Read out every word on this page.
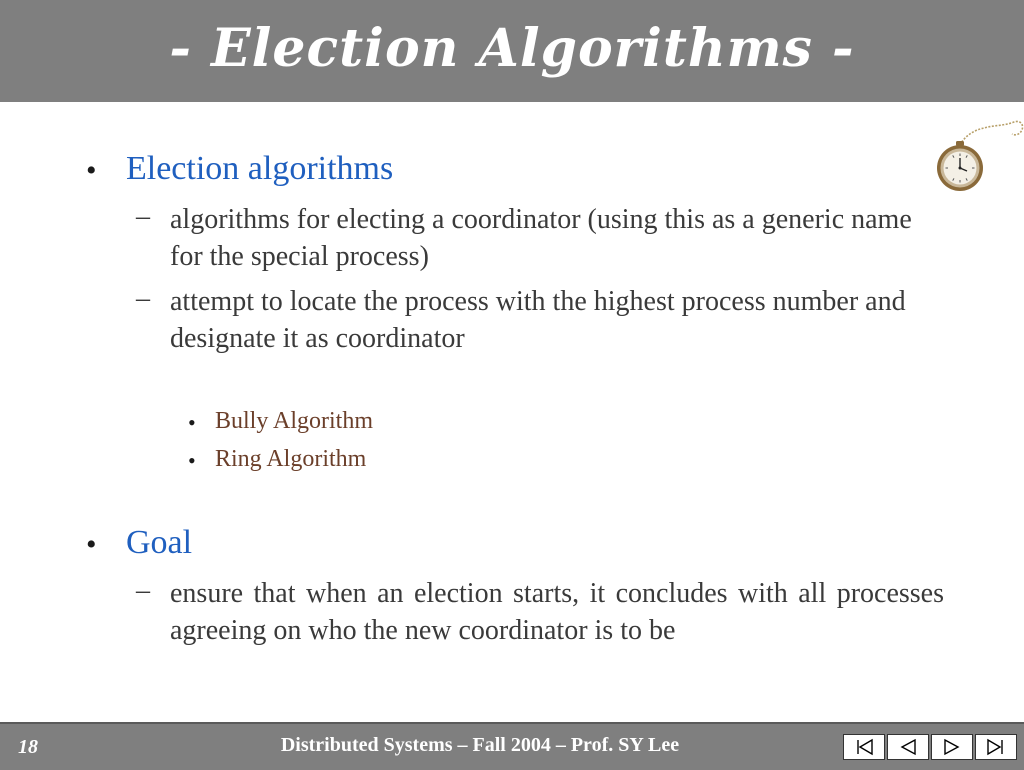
- Election Algorithms -
• Election algorithms
– algorithms for electing a coordinator (using this as a generic name for the special process)
– attempt to locate the process with the highest process number and designate it as coordinator
• Bully Algorithm
• Ring Algorithm
• Goal
– ensure that when an election starts, it concludes with all processes agreeing on who the new coordinator is to be
18	Distributed Systems – Fall 2004 – Prof. SY Lee
